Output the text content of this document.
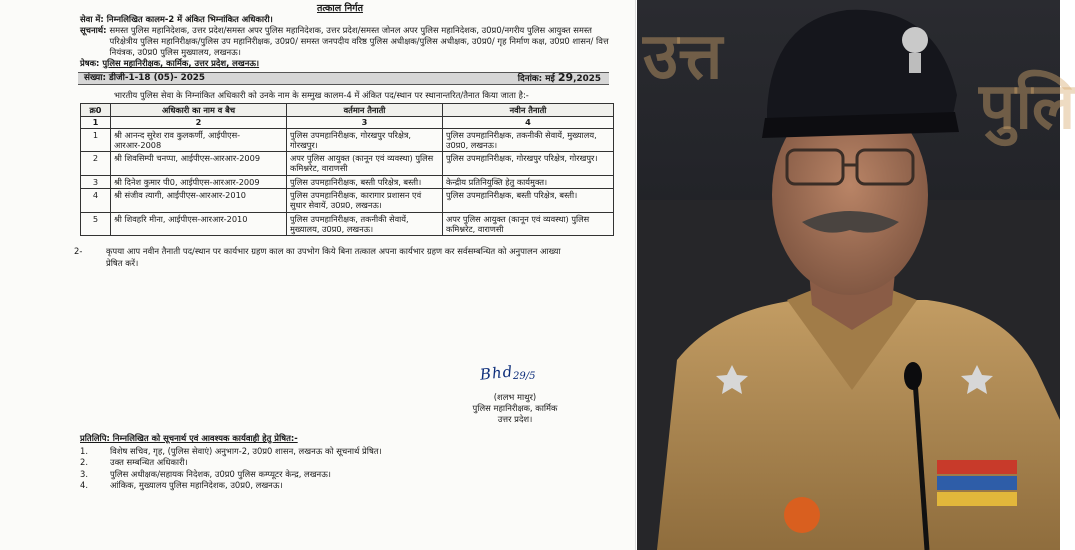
तत्काल निर्गत
सेवा में: निम्नलिखित कालम-2 में अंकित भिम्नांकित अधिकारी।
सूचनार्थ: समस्त पुलिस महानिदेशक, उत्तर प्रदेश/समस्त अपर पुलिस महानिदेशक, उत्तर प्रदेश/समस्त जोनल अपर पुलिस महानिदेशक, उ0प्र0/नगरीय पुलिस आयुक्त समस्त परिक्षेत्रीय पुलिस महानिरीक्षक/पुलिस उप महानिरीक्षक, उ0प्र0/ समस्त जनपदीय वरिष्ठ पुलिस अधीक्षक/पुलिस अधीक्षक, उ0प्र0/ गृह निर्माण कक्ष, उ0प्र0 शासन/ वित्त नियंत्रक, उ0प्र0 पुलिस मुख्यालय, लखनऊ।
प्रेषक: पुलिस महानिरीक्षक, कार्मिक, उत्तर प्रदेश, लखनऊ।
संख्या: डीजी-1-18 (05)- 2025	दिनांक: मई 29,2025
भारतीय पुलिस सेवा के निम्नांकित अधिकारी को उनके नाम के सम्मुख कालम-4 में अंकित पद/स्थान पर स्थानान्तरित/तैनात किया जाता है:-
क्र0	अधिकारी का नाम व बैच	वर्तमान तैनाती	नवीन तैनाती
1	2	3	4
1	श्री आनन्द सुरेश राव कुलकर्णी, आईपीएस-आरआर-2008	पुलिस उपमहानिरीक्षक, गोरखपुर परिक्षेत्र, गोरखपुर।	पुलिस उपमहानिरीक्षक, तकनीकी सेवायें, मुख्यालय, उ0प्र0, लखनऊ।
2	श्री शिवसिम्पी चनप्पा, आईपीएस-आरआर-2009	अपर पुलिस आयुक्त (कानून एवं व्यवस्था) पुलिस कमिश्नरेट, वाराणसी	पुलिस उपमहानिरीक्षक, गोरखपुर परिक्षेत्र, गोरखपुर।
3	श्री दिनेश कुमार पी0, आईपीएस-आरआर-2009	पुलिस उपमहानिरीक्षक, बस्ती परिक्षेत्र, बस्ती।	केन्द्रीय प्रतिनियुक्ति हेतु कार्यमुक्त।
4	श्री संजीव त्यागी, आईपीएस-आरआर-2010	पुलिस उपमहानिरीक्षक, कारागार प्रशासन एवं सुधार सेवायें, उ0प्र0, लखनऊ।	पुलिस उपमहानिरीक्षक, बस्ती परिक्षेत्र, बस्ती।
5	श्री शिवहरि मीना, आईपीएस-आरआर-2010	पुलिस उपमहानिरीक्षक, तकनीकी सेवायें, मुख्यालय, उ0प्र0, लखनऊ।	अपर पुलिस आयुक्त (कानून एवं व्यवस्था) पुलिस कमिश्नरेट, वाराणसी
2-	कृपया आप नवीन तैनाती पद/स्थान पर कार्यभार ग्रहण काल का उपभोग किये बिना तत्काल अपना कार्यभार ग्रहण कर सर्वसम्बन्धित को अनुपालन आख्या प्रेषित करें।
Bhd
29/5
(शलभ माथुर)
पुलिस महानिरीक्षक, कार्मिक
उत्तर प्रदेश।
प्रतिलिपि: निम्नलिखित को सूचनार्थ एवं आवश्यक कार्यवाही हेतु प्रेषित:-
1.	विशेष सचिव, गृह, (पुलिस सेवाएं) अनुभाग-2, उ0प्र0 शासन, लखनऊ को सूचनार्थ प्रेषित।
2.	उक्त सम्बन्धित अधिकारी।
3.	पुलिस अधीक्षक/सहायक निदेशक, उ0प्र0 पुलिस कम्प्यूटर केन्द्र, लखनऊ।
4.	आंकिक, मुख्यालय पुलिस महानिदेशक, उ0प्र0, लखनऊ।
उत्त
पुलि
